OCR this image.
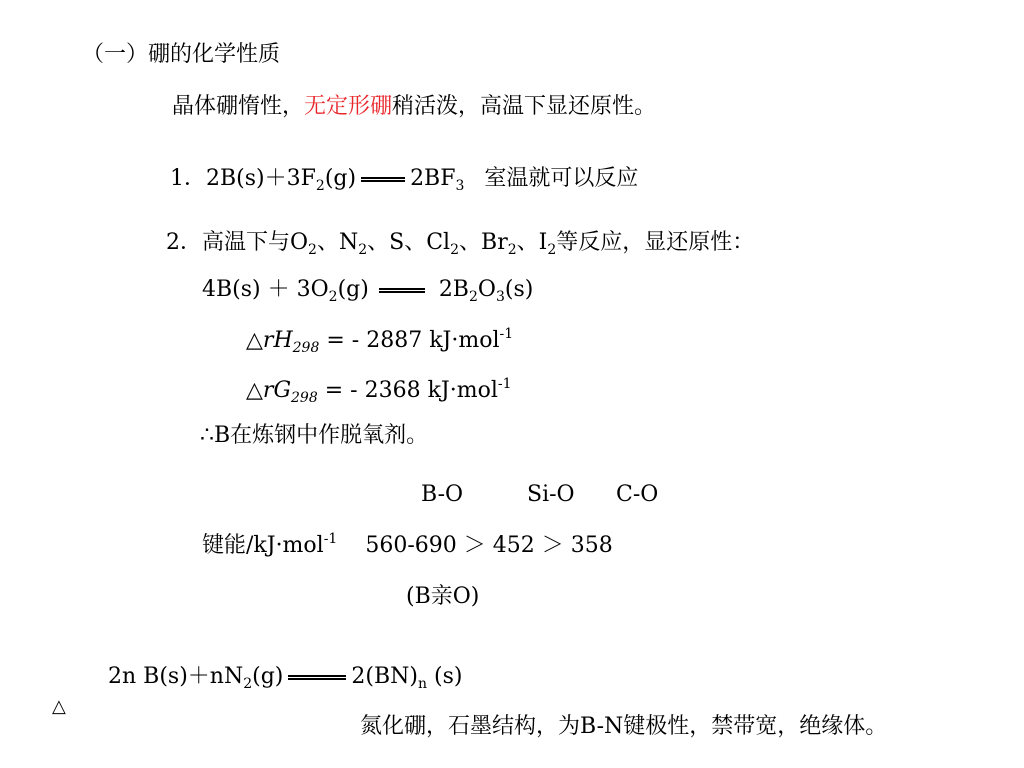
（一）硼的化学性质
晶体硼惰性，无定形硼稍活泼，高温下显还原性。
1．$2B(s)+3F_2(g)$ $2BF_3$ 室温就可以反应
2．高温下与$O_2$、$N_2$、S、$Cl_2$、$Br_2$、$I_2$等反应，显还原性：
$4B(s) + 3O_2(g)$	$2B_2O_3(s)$
$\triangle rH_{298}$ = - 2887 kJ·mol$^{-1}$
$\triangle rG_{298}$ = - 2368 kJ·mol$^{-1}$
∴B在炼钢中作脱氧剂。
B-O	Si-O C-O
键能/kJ·mol$^{-1}$ 560-690 ＞ 452 ＞ 358
(B亲O)
2n $B(s)+nN_2(g)$	$2(BN)_n$ (s)
△
氮化硼，石墨结构，为B-N键极性，禁带宽，绝缘体。
